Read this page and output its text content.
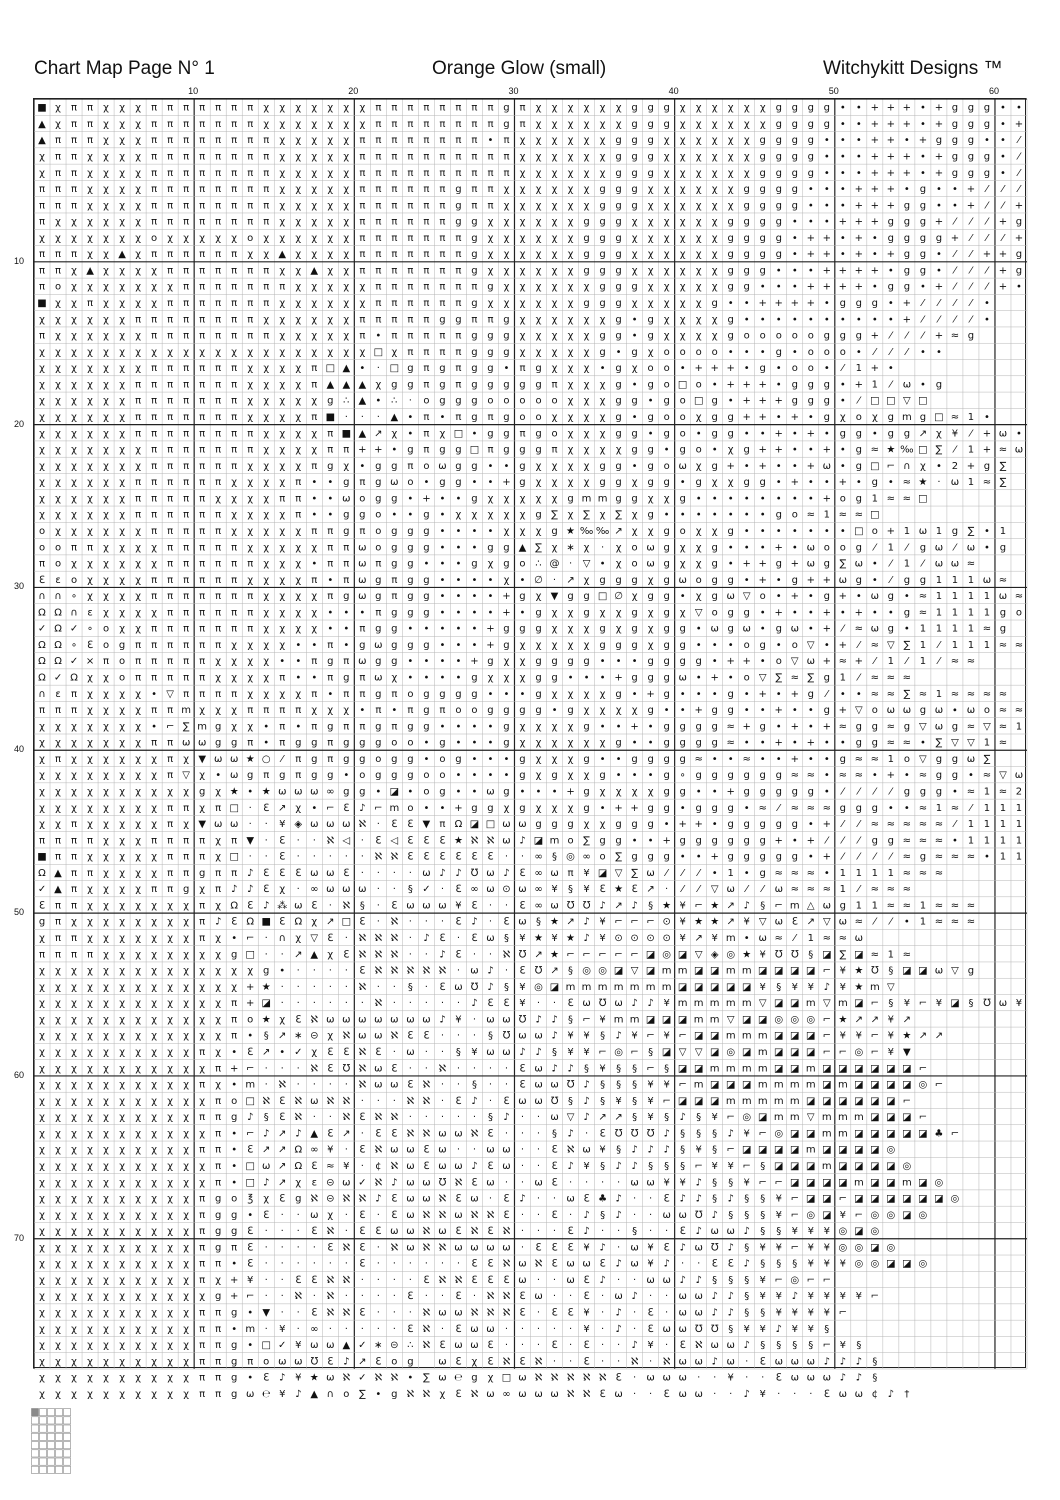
Chart Map Page N° 1	Orange Glow (small)	Witchykitt Designs ™
10	20	30	40	50	60
10
20
30
40
50
60
70
■ χ π π χ χ χ π π π π π π π χ χ χ χ χ χ χ π π π π π π π π g π χ χ χ χ χ χ g g g χ χ χ χ χ χ g g g g • • + + + • + g g g • •
▲ χ π π χ χ χ π π π π π π π χ χ χ χ χ χ χ π π π π π π π π g π χ χ χ χ χ χ g g g χ χ χ χ χ χ g g g g • • + + + • + g g g • +
▲ π π π χ χ χ π π π π π π π π χ χ χ χ χ π π π π π π π π • π χ χ χ χ χ χ g g g χ χ χ χ χ χ g g g g • • • + + • + g g g • • ⁄
χ π π χ χ χ χ π π π π π π π π χ χ χ χ χ π π π π π π π π π π χ χ χ χ χ χ g g g χ χ χ χ χ χ g g g g • • • + + + • + g g g • ⁄
χ π π χ χ χ χ π π π π π π π π χ χ χ χ χ π π π π π π π π π π χ χ χ χ χ χ g g g χ χ χ χ χ χ g g g g • • • + + + • + g g g • ⁄
π π π χ χ χ χ π π π π π π π π χ χ χ χ χ π π π π π π g π π χ χ χ χ χ χ g g g χ χ χ χ χ χ g g g g • • • + + + • g • • + ⁄ ⁄ ⁄
π π π χ χ χ χ π π π π π π π π χ χ χ χ χ π π π π π π g π π χ χ χ χ χ χ g g g χ χ χ χ χ χ g g g g • • • + + + g g • • + ⁄ ⁄ +
π χ χ χ χ χ χ π π π π π π π π χ χ χ χ χ π π π π π π g g χ χ χ χ χ χ g g g χ χ χ χ χ χ g g g g • • • + + + g g g + ⁄ ⁄ ⁄ + g
χ χ χ χ χ χ χ ο χ χ χ χ χ ο χ χ χ χ χ χ π π π π π π π g χ χ χ χ χ χ g g g χ χ χ χ χ χ g g g g • + + • + • g g g g + ⁄ ⁄ ⁄ +
π π π χ χ ▲ χ π π π π π π χ χ ▲ χ χ χ χ π π π π π π π g χ χ χ χ χ χ g g g χ χ χ χ χ χ g g g g • + + • + • + g g • ⁄ ⁄ + + g
π π χ ▲ χ χ χ χ π π π π π π π χ χ ▲ χ χ π π π π π π π g χ χ χ χ χ χ g g g χ χ χ χ χ χ g g g • • • + + + + • g g • ⁄ ⁄ ⁄ + g
π o χ χ χ χ χ χ χ π π π π π π π χ χ χ χ χ π π π π π π π g χ χ χ χ χ χ g g g χ χ χ χ χ g g • • • + + + + • g g • + ⁄ ⁄ ⁄ + •
■ χ χ π χ χ χ χ π π π π π π π χ χ χ χ χ χ π π π π π π g χ χ χ χ χ χ g g g χ χ χ χ χ g • • + + + + • g g g • + ⁄ ⁄ ⁄ ⁄ •
χ χ χ χ χ χ π π π π π π π π χ χ χ χ χ χ π π π π π g g π π g χ χ χ χ χ χ g • g χ χ χ χ g • • • • • • • • • • + ⁄ ⁄ ⁄ ⁄ •
π χ χ χ χ χ χ π π π π π π π π χ χ χ χ χ π • π π π π π g g g χ χ χ χ χ g g • g χ χ χ χ g o o o o o g g g + ⁄ ⁄ ⁄ + ≈ g
χ χ χ χ χ χ χ χ χ χ χ χ χ χ χ χ χ χ χ χ χ □ χ π π π π g g g χ χ χ χ χ g • g χ o o o o • • • g • o o o • ⁄ ⁄ ⁄ • •
χ χ χ χ χ χ χ π π π π π π χ χ χ χ π □ ▲ • · □ g π g π g g • π g χ χ χ • g χ o o • + + + • g • o o • ⁄ 1 + •
χ χ χ χ χ χ π π π π π π π χ χ χ χ π ▲ ▲ ▲ χ g g π g π g g g g g π χ χ χ g • g o □ o • + + + • g g g • + 1 ⁄ ω • g
χ χ χ χ χ χ π π π π π π π χ χ χ χ χ g ∴ ▲ • ∴ · o g g g o o o o o χ χ χ g g • g o □ g • + + + g g g • ⁄ □ □ ▽ □
χ χ χ χ χ χ π π π π π π π χ χ χ χ π ■ · · · ▲ • π • π g π g o o χ χ χ χ g • g o o χ g g + + • + • g χ o χ g m g □ ≈ 1 •
χ χ χ χ χ χ π π π π π π π π χ χ χ χ π ■ ▲ ↗ χ • π χ □ • g g π g o χ χ χ g g • g o • g g • • + • + • g g • g g ↗ χ ¥ ⁄ + ω •
χ χ χ χ χ χ χ π π π π π π π χ χ χ χ π π + + • g π g g □ π g g g π χ χ χ χ g g • g o • χ g + + • • + • g ≈ ★ ‰ □ ∑ ⁄ 1 + ≈ ω
χ χ χ χ χ χ χ π π π π π π χ χ χ χ π g χ • g g π o ω g g • • g χ χ χ χ g g • g o ω χ g + • + • • + ω • g □ ⌐ ∩ χ • 2 + g ∑
χ χ χ χ χ χ π π π π π π χ χ χ χ π • • g π g ω o • g g • • + g χ χ χ χ g g χ g g • g χ χ g g • + • • + • g • ≈ ★ · ω 1 ≈ ∑
χ χ χ χ χ χ π π π π π χ χ χ χ π π • • ω o g g • + • • g χ χ χ χ χ g m m g g χ χ g • • • • • • • • + o g 1 ≈ ≈ □
χ χ χ χ χ χ π π π π π π χ χ χ χ π • • g g o • • g • χ χ χ χ χ g ∑ χ ∑ χ ∑ χ g • • • • • • • g o ≈ 1 ≈ ≈ □
o χ χ χ χ χ χ π π π π π χ χ χ χ χ π π g π o g g g • • • • χ χ χ g ★ ‰ ‰ ↗ χ χ g o χ χ g • • • • • • • □ o + 1 ω 1 g ∑ • 1
o o π π χ χ χ χ π π π π π χ χ χ χ χ π π ω o g g g • • • g g ▲ ∑ χ ∗ χ · χ o ω g χ χ g • • • + • ω o o g ⁄ 1 ⁄ g ω ⁄ ω • g
π o χ χ χ χ χ χ π π π π π π χ χ χ • π π ω π g g • • • g χ g o ∴ @ · ▽ • χ o ω g χ χ g • + + g + ω g ∑ ω • ⁄ 1 ⁄ ω ω ≈
ℇ ε o χ χ χ χ π π π π π π χ χ χ χ π • π ω g π g g • • • • χ • ∅ · ↗ χ g g g χ g ω o g g • + • g + + ω g • ⁄ g g 1 1 1 ω ≈
∩ ∩ ∘ χ χ χ χ π π π π π π π χ χ χ χ π g ω g π g g • • • • + g χ ▼ g g □ ∅ χ g g • χ g ω ▽ o • + • g + • ω g • ≈ 1 1 1 1 ω ≈
Ω Ω ∩ ε χ χ χ χ π π π π π π χ χ χ χ • • • π g g g • • • • + • g χ χ g χ χ g χ g χ ▽ o g g • + • • + • + • • g ≈ 1 1 1 1 g o
✓ Ω ✓ ∘ o χ χ π π π π π π π χ χ χ χ • • π g g • • • • • + g g g χ χ χ g χ g χ g g • ω g ω • g ω • + ⁄ ≈ ω g • 1 1 1 1 ≈ g
Ω Ω ∘ ℇ o g π π π π π π χ χ χ χ • • π • g ω g g g • • • + g χ χ χ χ χ g g g χ g g • • • o g • o ▽ • + ⁄ ≈ ▽ ∑ 1 ⁄ 1 1 1 ≈ ≈
Ω Ω ✓ × π o π π π π π χ χ χ χ • • π g π ω g g • • • • + g χ χ g g g g • • • g g g g • + + • o ▽ ω + ≈ + ⁄ 1 ⁄ 1 ⁄ ≈ ≈
Ω ✓ Ω χ χ o π π π π π χ χ χ χ π • • π g π ω χ • • • • g χ χ χ g g • • • + g g g ω • + • o ▽ ∑ ≈ ∑ g 1 ⁄ ≈ ≈ ≈
∩ ε π χ χ χ χ • ▽ π π π π χ χ χ χ π • π π g π o g g g g • • • g χ χ χ χ g • + g • • • g • + • + g ⁄ • • ≈ ≈ ∑ ≈ 1 ≈ ≈ ≈ ≈
π π π χ χ χ χ π π m χ χ χ π π π π χ χ χ • π • π g π o o g g g g • g χ χ χ χ g • • + g g • • + • • g + ▽ o ω ω g ω ∙ ω o ≈ ≈
χ χ χ χ χ χ χ • ⌐ ∑ m g χ χ • π • π g π π g π g g • • • • g χ χ χ χ g • • + • g g g g ≈ + g • + • + ≈ g g ≈ g ▽ ω g ≈ ▽ ≈ 1
χ χ χ χ χ χ χ π π ω ω g g π • π g g π g g g o o • g • • • g χ χ χ χ χ χ g • • g g g g ≈ • • + • + • • g g ≈ ≈ • ∑ ▽ ▽ 1 ≈
χ π χ χ χ χ χ χ π χ ▼ ω ω ★ ○ ⁄ π g π g g o g g • o g • • • g χ χ χ g • • g g g g ≈ • • ≈ • • + • • g ≈ ≈ 1 o ▽ g g ω ∑
χ χ χ χ χ χ χ χ π ▽ χ • ω g π g π g g • o g g g o o • • • • g χ g χ χ g • • • g ∘ g g g g g g ≈ ≈ • ≈ ≈ • + • ≈ g g • ≈ ▽ ω
χ χ χ χ χ χ χ χ χ χ g χ ★ • ★ ω ω ω ∞ g g • ◪ • o g • • ω g • • • + g χ χ χ χ g g • • + g g g g g • ⁄ ⁄ ⁄ ⁄ g g g • ≈ 1 ≈ 2
χ χ χ χ χ χ χ χ π π χ π □ · ℇ ↗ χ • ⌐ ℇ ♪ ⌐ m o • • + g g χ g χ χ χ g • + + g g • g g g • ≈ ⁄ ≈ ≈ ≈ g g g • • ≈ 1 ≈ ⁄ 1 1 1
χ χ π χ χ χ χ χ π χ ▼ ω ω · · ¥ ◈ ω ω ω ℵ · ℇ ℇ ▼ π Ω ◪ □ ω ω g g g χ χ g g g • + + • g g g g g • + ⁄ ⁄ ≈ ≈ ≈ ≈ ≈ ⁄ 1 1 1 1
π π π π χ χ χ π π π π χ π ▼ · ℇ · · ℵ ◁ · ℇ ◁ ℇ ℇ ℇ ★ ℵ ℵ ω ♪ ◪ m o ∑ g g • • + g g g g g g + • + ⁄ ⁄ ⁄ g g ≈ ≈ ≈ • 1 1 1 1
■ π π χ χ χ χ χ π π π χ □ · · ℇ · · · · · ℵ ℵ ℇ ℇ ℇ ℇ ℇ ℇ · · ∞ § ◎ ∞ o ∑ g g g • • + g g g g g • + ⁄ ⁄ ⁄ ⁄ ≈ g ≈ ≈ ≈ • 1 1
Ω ▲ π π χ χ χ χ π π g π π ♪ ℇ ℇ ℇ ω ω ℇ · · · · ω ♪ ♪ ℧ ω ♪ ℇ ∞ ω π ¥ ◪ ▽ ∑ ω ⁄ ⁄ ⁄ • 1 • g ≈ ≈ ≈ • 1 1 1 1 ≈ ≈ ≈
✓ ▲ π χ χ χ χ π π g χ π ♪ ♪ ℇ χ · ∞ ω ω ω · · § ✓ · ℇ ∞ ω ⊙ ω ∞ ¥ § ¥ ℇ ★ ℇ ↗ · ⁄ ⁄ ▽ ω ⁄ ⁄ ω ≈ ≈ ≈ 1 ⁄ ≈ ≈ ≈
ℇ π π χ χ χ χ χ χ χ π χ Ω ℇ ♪ ⁂ ω ℇ · ℵ § · ℇ ω ω ω ¥ ℇ · · ℇ ∞ ω ℧ ℧ ♪ ↗ ♪ § ★ ¥ ⌐ ★ ↗ ♪ § ⌐ m △ ω g 1 1 ≈ ≈ 1 ≈ ≈ ≈
g π χ χ χ χ χ χ χ χ π ♪ ℇ Ω ■ ℇ Ω χ ↗ □ ℇ · ℵ · · · ℇ ♪ · ℇ ω § ★ ↗ ♪ ¥ ⌐ ⌐ ⌐ ⊙ ¥ ★ ★ ↗ ¥ ▽ ω ℇ ↗ ▽ ω ≈ ⁄ ⁄ • 1 ≈ ≈ ≈
χ π π χ χ χ χ χ χ χ π χ • ⌐ · ∩ χ ▽ ℇ · ℵ ℵ ℵ · ♪ ℇ · ℇ ω § ¥ ★ ¥ ★ ♪ ¥ ⊙ ⊙ ⊙ ⊙ ¥ ↗ ¥ m • ω ≈ ⁄ 1 ≈ ≈ ω
π π π π χ χ χ χ χ χ χ χ g □ · · ↗ ▲ χ ℇ ℵ ℵ ℵ · · ♪ ℇ · · ℵ ℧ ↗ ★ ⌐ ⌐ ⌐ ⌐ ⌐ ◪ ◎ ◪ ▽ ◈ ◎ ★ ¥ ℧ ℧ § ◪ ∑ ◪ ≈ 1 ≈
χ χ χ χ χ χ χ χ χ χ χ χ χ χ g • · · · · ℇ ℵ ℵ ℵ ℵ ℵ · ω ♪ · ℇ ℧ ↗ § ◎ ◎ ◪ ▽ ◪ m m ◪ ◪ m m ◪ ◪ ◪ ◪ ⌐ ¥ ★ ℧ § ◪ ◪ ω ▽ g
χ χ χ χ χ χ χ χ χ χ χ χ χ + ★ · · · · · ℵ · · § · ℇ ω ℧ ♪ § ¥ ◎ ◪ m m m m m m m ◪ ◪ ◪ ◪ ◪ ¥ § ¥ ¥ ♪ ¥ ★ m ▽
χ χ χ χ χ χ χ χ χ χ χ χ π + ◪ · · · · · · ℵ · · · · · ♪ ℇ ℇ ¥ · · ℇ ω ℧ ω ♪ ♪ ¥ m m m m m ▽ ◪ ◪ m ▽ m ◪ ⌐ § ¥ ⌐ ¥ ◪ § ℧ ω ¥
χ χ χ χ χ χ χ χ χ χ χ χ π o ★ χ ℇ ℵ ω ω ω ω ω ω ω ♪ ¥ · ω ω ℧ ♪ ♪ § ⌐ ¥ m m ◪ ◪ ◪ m m ▽ ◪ ◪ ◎ ◎ ◎ ⌐ ★ ↗ ↗ ¥ ↗
χ χ χ χ χ χ χ χ χ χ χ χ π • § ↗ ∗ ⊝ χ ℵ ω ω ℵ ℇ ℇ · · · § ℧ ω ω ♪ ¥ ¥ § ♪ ¥ ⌐ ¥ ⌐ ◪ ◪ m m m ◪ ◪ ◪ ⌐ ¥ ¥ ⌐ ¥ ★ ↗ ↗
χ χ χ χ χ χ χ χ χ χ π χ • ℇ ↗ • ✓ χ ℇ ℇ ℵ ℇ · ω · · § ¥ ω ω ♪ ♪ § ¥ ¥ ⌐ ◎ ⌐ § ◪ ▽ ▽ ◪ ◎ ◪ m ◪ ◪ ◪ ⌐ ⌐ ◎ ⌐ ¥ ▼
χ χ χ χ χ χ χ χ χ χ χ π + ⌐ · · · ℵ ℇ ℧ ℵ ω ℇ · · ℵ · · · · ℇ ω ♪ ♪ § ¥ § § ⌐ § ◪ ◪ m m m m ◪ ◪ m ◪ ◪ ◪ ◪ ◪ ◪ ⌐
χ χ χ χ χ χ χ χ χ χ π χ • m · ℵ · · · · ℵ ω ω ℇ ℵ · · § · · ℇ ω ω ℧ ♪ § § § ¥ ¥ ⌐ m ◪ ◪ ◪ m m m m ◪ m ◪ ◪ ◪ ◪ ◎ ⌐
χ χ χ χ χ χ χ χ χ χ χ π o □ ℵ ℇ ℵ ω ℵ ℵ · · · ℵ ℵ · ℇ ♪ · ℇ ω ω ℧ § ♪ § ¥ § ¥ ⌐ ◪ ◪ ◪ m m m m m ◪ ◪ ◪ ◪ ◪ ◪ ⌐
χ χ χ χ χ χ χ χ χ χ π π g ♪ § ℇ ℵ · · ℵ ℇ ℵ ℵ · · · · · § ♪ · · ω ▽ ♪ ↗ ↗ § ¥ § ♪ § ¥ ⌐ ◎ ◪ m m ▽ m m m ◪ ◪ ◪ ⌐
χ χ χ χ χ χ χ χ χ χ χ π • ⌐ ♪ ↗ ♪ ▲ ℇ ↗ · ℇ ℇ ℵ ℵ ω ω ℵ ℇ · · · § ♪ · ℇ ℧ ℧ ℧ ♪ § § § ♪ ¥ ⌐ ◎ ◪ ◪ m m ◪ ◪ ◪ ◪ ◪ ♣ ⌐
χ χ χ χ χ χ χ χ χ χ π π • ℇ ↗ ↗ Ω ∞ ¥ · ℇ ℵ ω ω ℇ ω · · ω ω · · ℇ ℵ ω ¥ § ♪ ♪ ♪ § ¥ § ⌐ ◪ ◪ ◪ ◪ m ◪ ◪ ◪ ◪ ◎
χ χ χ χ χ χ χ χ χ χ χ π • □ ω ↗ Ω ℇ ≈ ¥ · ¢ ℵ ω ℇ ω ω ♪ ℇ ω · · ℇ ♪ ¥ § ♪ ♪ § § § ⌐ ¥ ¥ ⌐ § ◪ ◪ ◪ m ◪ ◪ ◪ ◪ ◎
χ χ χ χ χ χ χ χ χ χ χ π • □ ♪ ↗ χ ε ⊝ ω ✓ ℵ ♪ ω ω ℧ ℵ ℇ ω · · ω ℇ · · · · ω ω ¥ ¥ ♪ § § ¥ ⌐ ⌐ ◪ ◪ ◪ ◪ m ◪ ◪ m ◪ ◎
χ χ χ χ χ χ χ χ χ χ π g o ℥ χ ℇ g ℵ ⊝ ℵ ℵ ♪ ℇ ω ω ℵ ℇ ω · ℇ ♪ · · ω ℇ ♣ ♪ · · ℇ ♪ ♪ § ♪ § § ¥ ⌐ ◪ ◪ ⌐ ◪ ◪ ◪ ◪ ◪ ◪ ◎
χ χ χ χ χ χ χ χ χ χ π g g • ℇ · · ω χ · ℇ · ℇ ω ℵ ℵ ω ℵ ℵ ℇ · · ℇ · ♪ § ♪ · · ω ω ℧ ♪ § § § ¥ ⌐ ◎ ◪ ¥ ⌐ ◎ ◎ ◪ ◎
χ χ χ χ χ χ χ χ χ χ π g g ℇ · · · ℇ ℵ · ℇ ℇ ω ω ℵ ω ℇ ℵ ℇ ℵ · · · ℇ ♪ · · § · · ℇ ♪ ω ω ♪ § § ¥ ¥ ¥ ◎ ◪ ◎
χ χ χ χ χ χ χ χ χ χ π g π ℇ · · · · ℇ ℵ ℇ · ℵ ω ℵ ℵ ω ω ω ω · ℇ ℇ ℇ ¥ ♪ · ω ¥ ℇ ♪ ω ℧ ♪ § ¥ ¥ ⌐ ¥ ¥ ◎ ◎ ◪ ◎
χ χ χ χ χ χ χ χ χ χ π π • ℇ · · · · · · ℇ · · · · · · ℇ ℇ ℵ ω ℵ ℇ ω ω ℇ ♪ ω ¥ ♪ · · ℇ ℇ ♪ § § § ¥ ¥ ¥ ◎ ◎ ◪ ◪ ◎
χ χ χ χ χ χ χ χ χ χ π χ + ¥ · · ℇ ℇ ℵ ℵ · · · · ℇ ℵ ℵ ℇ ℇ ℇ ω · · ω ℇ ♪ · · ω ω ♪ ♪ § § § ¥ ⌐ ◎ ⌐ ⌐
χ χ χ χ χ χ χ χ χ χ χ g + ⌐ · · ℵ · ℵ · · · · ℇ · · ℇ · ℵ ℵ ℇ ω · · ℇ · ω ♪ · · ω ω ♪ ♪ § ¥ ¥ ♪ ¥ ¥ ¥ ¥ ⌐
χ χ χ χ χ χ χ χ χ χ π π g • ▼ · · ℇ ℵ ℵ ℇ · · · ℵ ω ω ℵ ℵ ℵ ℇ · ℇ ℇ ¥ · ♪ · ℇ · ω ω ♪ ♪ § § ¥ ¥ ¥ ¥ ⌐
χ χ χ χ χ χ χ χ χ χ π π • m · ¥ · ∞ · · · · · ℇ ℵ · ℇ ω ω · · · · · ¥ · ♪ · ℇ ω ω ℧ ℧ § ¥ ¥ ♪ ¥ ¥ §
χ χ χ χ χ χ χ χ χ χ π π g • □ ✓ ¥ ω ω ▲ ✓ ∗ ⊝ ∴ ℵ ℇ ω ω ℇ · · · ℇ · ℇ · · ♪ ¥ · ℇ ℵ ω ω ♪ § § § § ⌐ ¥ §
χ χ χ χ χ χ χ χ χ χ π π g π o ω ω ℧ ℇ ♪ ↗ ℇ o g ω ℇ χ ℇ ℵ ℇ ℵ · · ℇ · · ℵ · ℵ ω ω ♪ ω · ℇ ω ω ω ♪ ♪ ♪ §
χ χ χ χ χ χ χ χ χ χ π π g • ℇ ♪ ¥ ★ ω ℵ ✓ ℵ ℵ • ∑ ω ℮ g χ □ ω ℵ ℵ ℵ ℵ ℵ ℇ · ω ω ω · · ¥ · · ℇ ω ω ω ♪ ♪ §
χ χ χ χ χ χ χ χ χ χ π π g ω ℮ ¥ ♪ ▲ ∩ o ∑ • g ℵ ℵ χ ℇ ℵ ω ∞ ω ω ω ℵ ℵ ℇ ω · · ℇ ω ω · · ♪ ¥ · · · ℇ ω ω ¢ ♪ †
